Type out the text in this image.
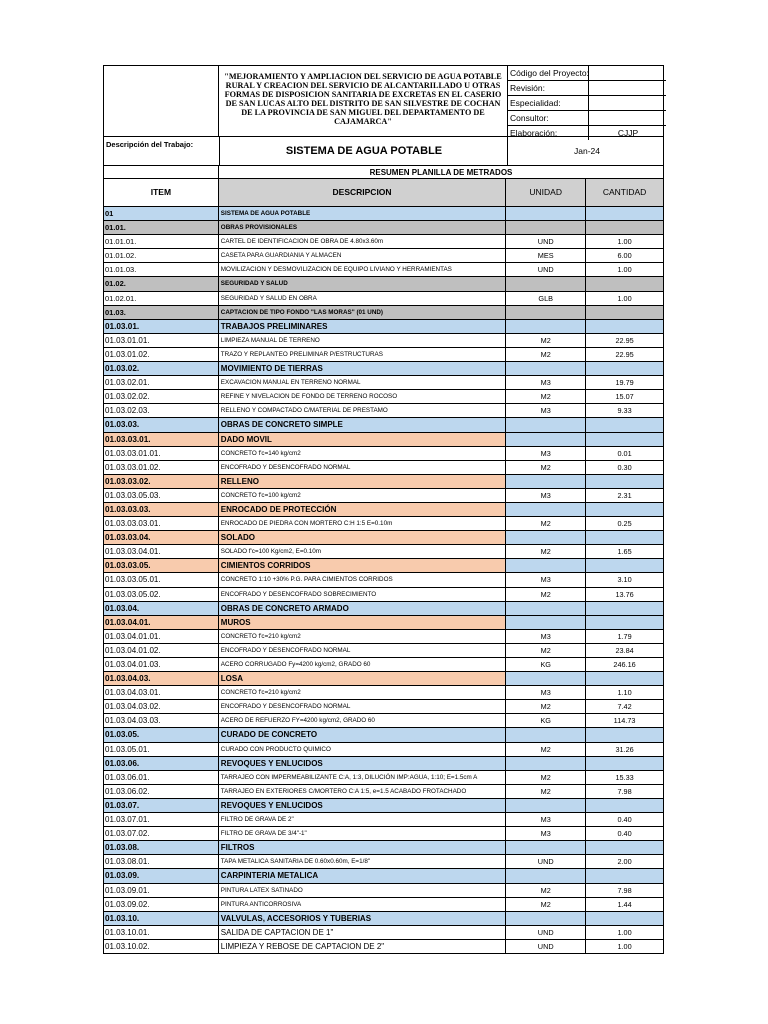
"MEJORAMIENTO Y AMPLIACION DEL SERVICIO DE AGUA POTABLE RURAL Y CREACION DEL SERVICIO DE ALCANTARILLADO U OTRAS FORMAS DE DISPOSICION SANITARIA DE EXCRETAS EN EL CASERIO DE SAN LUCAS ALTO DEL DISTRITO DE SAN SILVESTRE DE COCHAN DE LA PROVINCIA DE SAN MIGUEL DEL DEPARTAMENTO DE CAJAMARCA"
Código del Proyecto:
Revisión:
Especialidad:
Consultor:
Elaboración:	CJJP
Descripción del Trabajo:
SISTEMA DE AGUA POTABLE	Jan-24
RESUMEN PLANILLA DE METRADOS
ITEM	DESCRIPCION	UNIDAD	CANTIDAD
01	SISTEMA DE AGUA POTABLE
01.01.	OBRAS PROVISIONALES
01.01.01.	CARTEL DE IDENTIFICACION DE OBRA DE 4.80x3.60m	UND	1.00
01.01.02.	CASETA PARA GUARDIANIA Y ALMACEN	MES	6.00
01.01.03.	MOVILIZACION Y DESMOVILIZACION DE EQUIPO LIVIANO Y HERRAMIENTAS	UND	1.00
01.02.	SEGURIDAD Y SALUD
01.02.01.	SEGURIDAD Y SALUD EN OBRA	GLB	1.00
01.03.	CAPTACION DE TIPO FONDO "LAS MORAS" (01 UND)
01.03.01.	TRABAJOS PRELIMINARES
01.03.01.01.	LIMPIEZA MANUAL DE TERRENO	M2	22.95
01.03.01.02.	TRAZO Y REPLANTEO PRELIMINAR P/ESTRUCTURAS	M2	22.95
01.03.02.	MOVIMIENTO DE TIERRAS
01.03.02.01.	EXCAVACION MANUAL EN TERRENO NORMAL	M3	19.79
01.03.02.02.	REFINE Y NIVELACION DE FONDO DE TERRENO ROCOSO	M2	15.07
01.03.02.03.	RELLENO Y COMPACTADO C/MATERIAL DE PRESTAMO	M3	9.33
01.03.03.	OBRAS DE CONCRETO SIMPLE
01.03.03.01.	DADO MOVIL
01.03.03.01.01.	CONCRETO f'c=140 kg/cm2	M3	0.01
01.03.03.01.02.	ENCOFRADO Y DESENCOFRADO NORMAL	M2	0.30
01.03.03.02.	RELLENO
01.03.03.05.03.	CONCRETO f'c=100 kg/cm2	M3	2.31
01.03.03.03.	ENROCADO DE PROTECCIÓN
01.03.03.03.01.	ENROCADO DE PIEDRA CON MORTERO C:H 1:5 E=0.10m	M2	0.25
01.03.03.04.	SOLADO
01.03.03.04.01.	SOLADO f'c=100 Kg/cm2, E=0.10m	M2	1.65
01.03.03.05.	CIMIENTOS CORRIDOS
01.03.03.05.01.	CONCRETO 1:10 +30% P.G. PARA CIMIENTOS CORRIDOS	M3	3.10
01.03.03.05.02.	ENCOFRADO Y DESENCOFRADO SOBRECIMIENTO	M2	13.76
01.03.04.	OBRAS DE CONCRETO ARMADO
01.03.04.01.	MUROS
01.03.04.01.01.	CONCRETO f'c=210 kg/cm2	M3	1.79
01.03.04.01.02.	ENCOFRADO Y DESENCOFRADO NORMAL	M2	23.84
01.03.04.01.03.	ACERO CORRUGADO Fy=4200 kg/cm2, GRADO 60	KG	246.16
01.03.04.03.	LOSA
01.03.04.03.01.	CONCRETO f'c=210 kg/cm2	M3	1.10
01.03.04.03.02.	ENCOFRADO Y DESENCOFRADO NORMAL	M2	7.42
01.03.04.03.03.	ACERO DE REFUERZO FY=4200 kg/cm2, GRADO 60	KG	114.73
01.03.05.	CURADO DE CONCRETO
01.03.05.01.	CURADO CON PRODUCTO QUIMICO	M2	31.26
01.03.06.	REVOQUES Y ENLUCIDOS
01.03.06.01.	TARRAJEO CON IMPERMEABILIZANTE C:A, 1:3, DILUCIÓN IMP:AGUA, 1:10; E=1.5cm A	M2	15.33
01.03.06.02.	TARRAJEO EN EXTERIORES C/MORTERO C:A 1:5, e=1.5 ACABADO FROTACHADO	M2	7.98
01.03.07.	REVOQUES Y ENLUCIDOS
01.03.07.01.	FILTRO DE GRAVA DE 2"	M3	0.40
01.03.07.02.	FILTRO DE GRAVA DE 3/4"-1"	M3	0.40
01.03.08.	FILTROS
01.03.08.01.	TAPA METALICA SANITARIA DE 0.60x0.60m, E=1/8"	UND	2.00
01.03.09.	CARPINTERIA METALICA
01.03.09.01.	PINTURA LATEX SATINADO	M2	7.98
01.03.09.02.	PINTURA ANTICORROSIVA	M2	1.44
01.03.10.	VALVULAS, ACCESORIOS Y TUBERIAS
01.03.10.01.	SALIDA DE CAPTACION DE 1"	UND	1.00
01.03.10.02.	LIMPIEZA Y REBOSE DE CAPTACION DE 2"	UND	1.00
